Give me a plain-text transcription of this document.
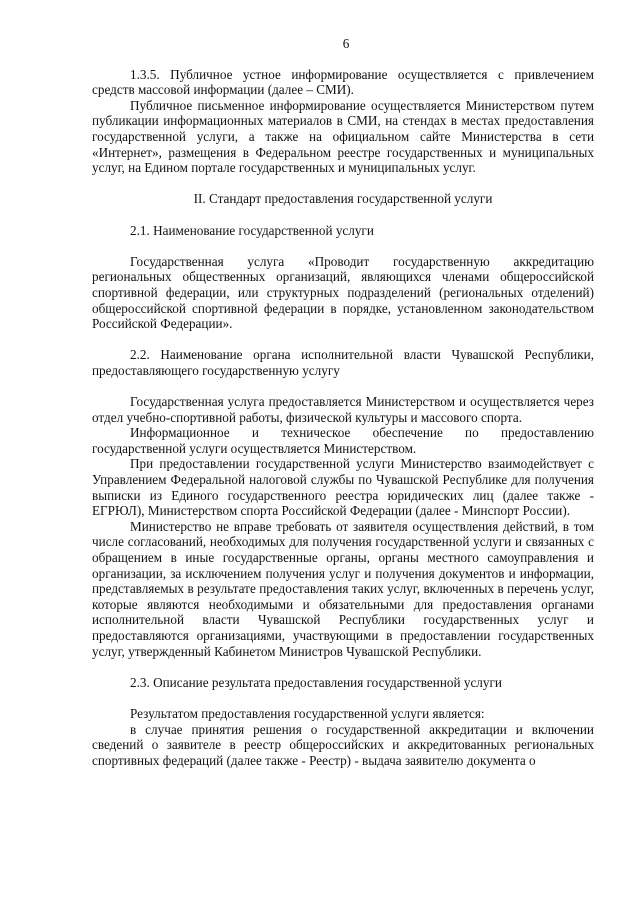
6
1.3.5. Публичное устное информирование осуществляется с привлечением средств массовой информации (далее – СМИ).
Публичное письменное информирование осуществляется Министерством путем публикации информационных материалов в СМИ, на стендах в местах предоставления государственной услуги, а также на официальном сайте Министерства в сети «Интернет», размещения в Федеральном реестре государственных и муниципальных услуг, на Едином портале государственных и муниципальных услуг.
II. Стандарт предоставления государственной услуги
2.1. Наименование государственной услуги
Государственная услуга «Проводит государственную аккредитацию региональных общественных организаций, являющихся членами общероссийской спортивной федерации, или структурных подразделений (региональных отделений) общероссийской спортивной федерации в порядке, установленном законодательством Российской Федерации».
2.2. Наименование органа исполнительной власти Чувашской Республики, предоставляющего государственную услугу
Государственная услуга предоставляется Министерством и осуществляется через отдел учебно-спортивной работы, физической культуры и массового спорта.
Информационное и техническое обеспечение по предоставлению государственной услуги осуществляется Министерством.
При предоставлении государственной услуги Министерство взаимодействует с Управлением Федеральной налоговой службы по Чувашской Республике для получения выписки из Единого государственного реестра юридических лиц (далее также - ЕГРЮЛ), Министерством спорта Российской Федерации (далее - Минспорт России).
Министерство не вправе требовать от заявителя осуществления действий, в том числе согласований, необходимых для получения государственной услуги и связанных с обращением в иные государственные органы, органы местного самоуправления и организации, за исключением получения услуг и получения документов и информации, представляемых в результате предоставления таких услуг, включенных в перечень услуг, которые являются необходимыми и обязательными для предоставления органами исполнительной власти Чувашской Республики государственных услуг и предоставляются организациями, участвующими в предоставлении государственных услуг, утвержденный Кабинетом Министров Чувашской Республики.
2.3. Описание результата предоставления государственной услуги
Результатом предоставления государственной услуги является:
в случае принятия решения о государственной аккредитации и включении сведений о заявителе в реестр общероссийских и аккредитованных региональных спортивных федераций (далее также - Реестр) - выдача заявителю документа о
